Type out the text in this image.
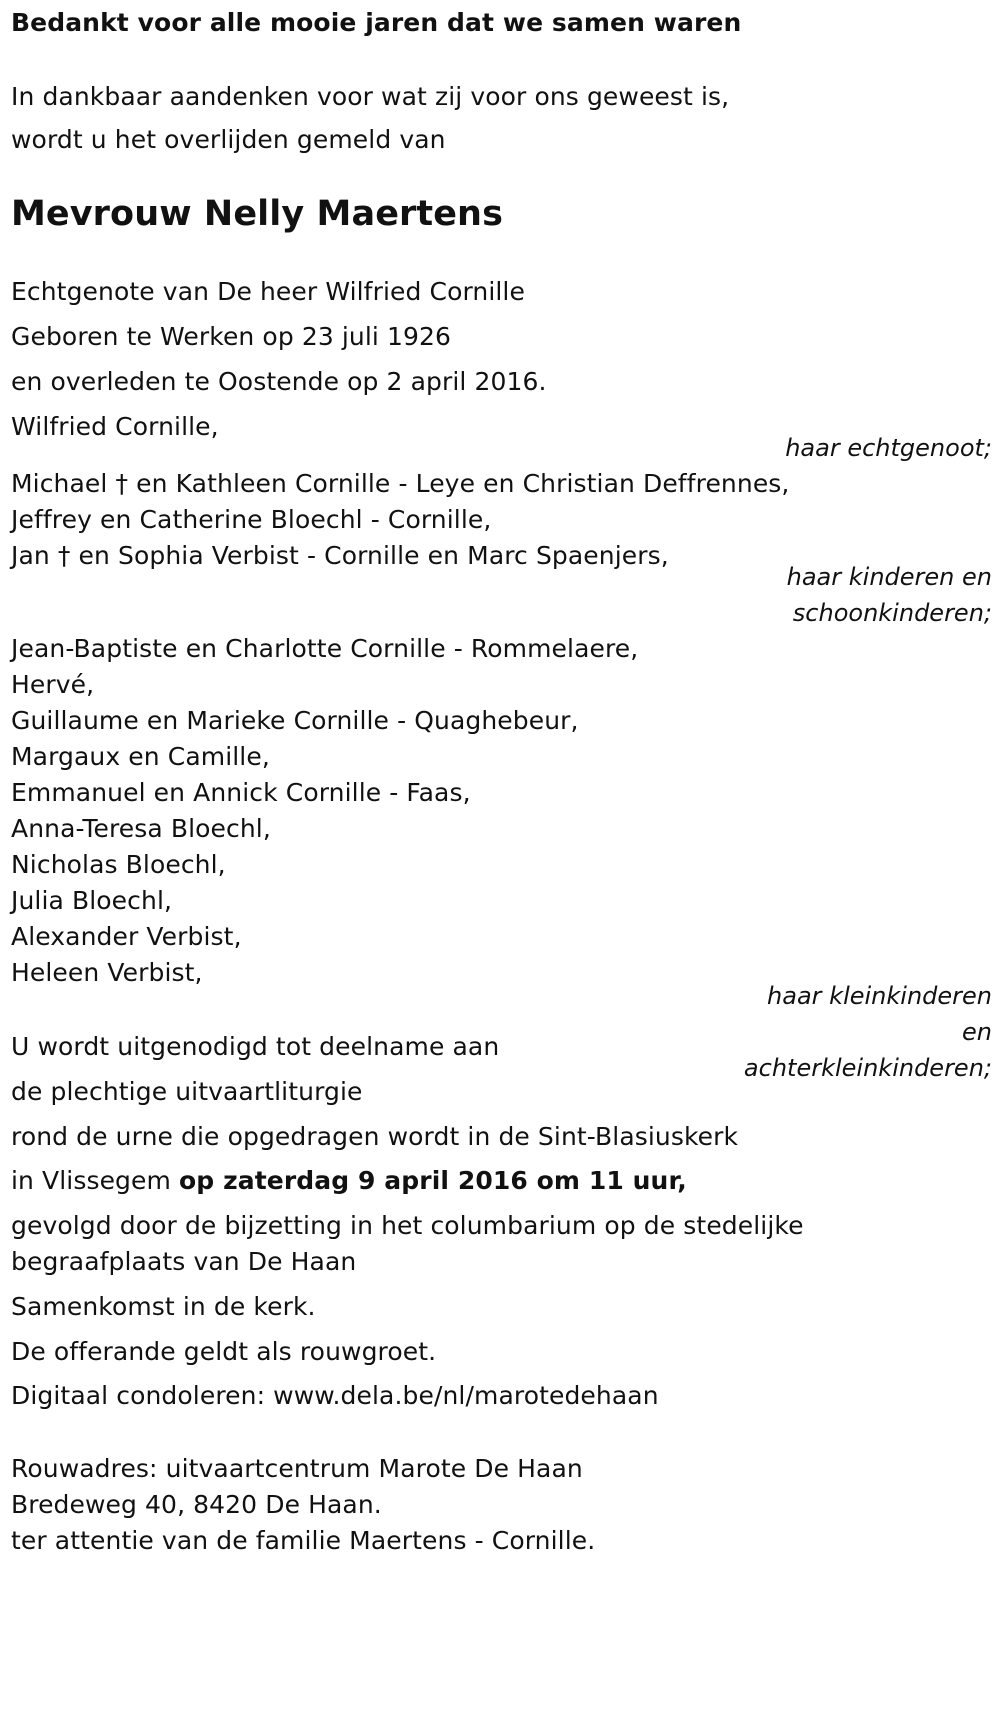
Bedankt voor alle mooie jaren dat we samen waren
In dankbaar aandenken voor wat zij voor ons geweest is,
wordt u het overlijden gemeld van
Mevrouw Nelly Maertens
Echtgenote van De heer Wilfried Cornille
Geboren te Werken op 23 juli 1926
en overleden te Oostende op 2 april 2016.
Wilfried Cornille,
haar echtgenoot;
Michael † en Kathleen Cornille - Leye en Christian Deffrennes,
Jeffrey en Catherine Bloechl - Cornille,
Jan † en Sophia Verbist - Cornille en Marc Spaenjers,
haar kinderen en
schoonkinderen;
Jean-Baptiste en Charlotte Cornille - Rommelaere,
Hervé,
Guillaume en Marieke Cornille - Quaghebeur,
Margaux en Camille,
Emmanuel en Annick Cornille - Faas,
Anna-Teresa Bloechl,
Nicholas Bloechl,
Julia Bloechl,
Alexander Verbist,
Heleen Verbist,
haar kleinkinderen
en
achterkleinkinderen;
U wordt uitgenodigd tot deelname aan
de plechtige uitvaartliturgie
rond de urne die opgedragen wordt in de Sint-Blasiuskerk
in Vlissegem op zaterdag 9 april 2016 om 11 uur,
gevolgd door de bijzetting in het columbarium op de stedelijke
begraafplaats van De Haan
Samenkomst in de kerk.
De offerande geldt als rouwgroet.
Digitaal condoleren: www.dela.be/nl/marotedehaan
Rouwadres: uitvaartcentrum Marote De Haan
Bredeweg 40, 8420 De Haan.
ter attentie van de familie Maertens - Cornille.
